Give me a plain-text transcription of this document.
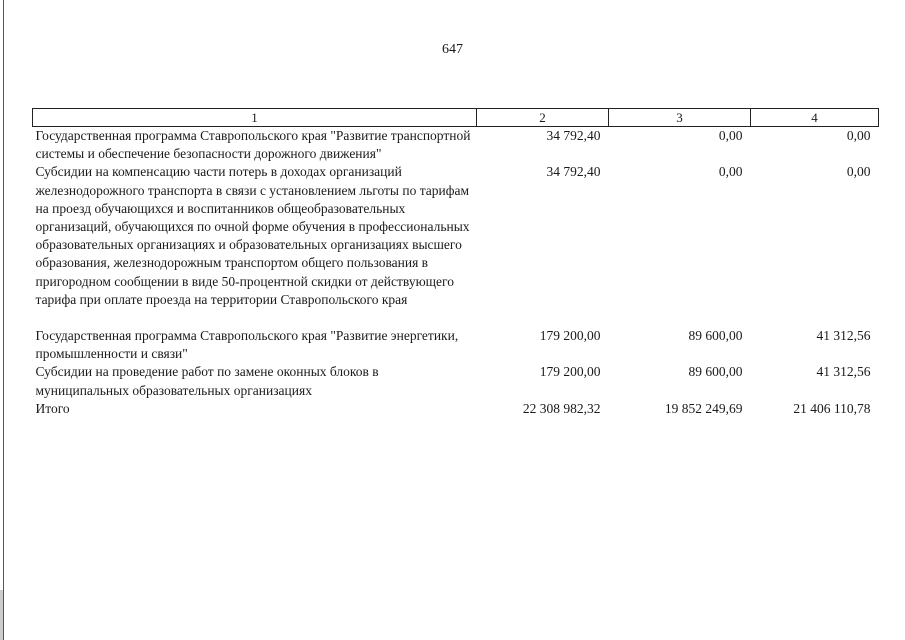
647
1	2	3	4
Государственная программа Ставропольского края "Развитие транспортной системы и обеспечение безопасности дорожного движения"	34 792,40	0,00	0,00
Субсидии на компенсацию части потерь в доходах организаций железнодорожного транспорта в связи с установлением льготы по тарифам на проезд обучающихся и воспитанников общеобразовательных организаций, обучающихся по очной форме обучения в профессиональных образовательных организациях и образовательных организациях высшего образования, железнодорожным транспортом общего пользования в пригородном сообщении в виде 50-процентной скидки от действующего тарифа при оплате проезда на территории Ставропольского края	34 792,40	0,00	0,00

Государственная программа Ставропольского края "Развитие энергетики, промышленности и связи"	179 200,00	89 600,00	41 312,56
Субсидии на проведение работ по замене оконных блоков в муниципальных образовательных организациях	179 200,00	89 600,00	41 312,56
Итого	22 308 982,32	19 852 249,69	21 406 110,78
